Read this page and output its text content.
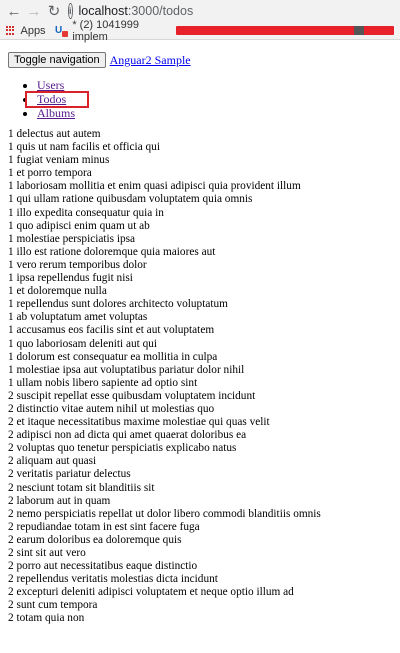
← → ↻ i localhost :3000/todos
Apps U * (2) 1041999 implem
Toggle navigation Anguar2 Sample
• Users
•
Todos
• Albums
1 delectus aut autem
1 quis ut nam facilis et officia qui
1 fugiat veniam minus
1 et porro tempora
1 laboriosam mollitia et enim quasi adipisci quia provident illum
1 qui ullam ratione quibusdam voluptatem quia omnis
1 illo expedita consequatur quia in
1 quo adipisci enim quam ut ab
1 molestiae perspiciatis ipsa
1 illo est ratione doloremque quia maiores aut
1 vero rerum temporibus dolor
1 ipsa repellendus fugit nisi
1 et doloremque nulla
1 repellendus sunt dolores architecto voluptatum
1 ab voluptatum amet voluptas
1 accusamus eos facilis sint et aut voluptatem
1 quo laboriosam deleniti aut qui
1 dolorum est consequatur ea mollitia in culpa
1 molestiae ipsa aut voluptatibus pariatur dolor nihil
1 ullam nobis libero sapiente ad optio sint
2 suscipit repellat esse quibusdam voluptatem incidunt
2 distinctio vitae autem nihil ut molestias quo
2 et itaque necessitatibus maxime molestiae qui quas velit
2 adipisci non ad dicta qui amet quaerat doloribus ea
2 voluptas quo tenetur perspiciatis explicabo natus
2 aliquam aut quasi
2 veritatis pariatur delectus
2 nesciunt totam sit blanditiis sit
2 laborum aut in quam
2 nemo perspiciatis repellat ut dolor libero commodi blanditiis omnis
2 repudiandae totam in est sint facere fuga
2 earum doloribus ea doloremque quis
2 sint sit aut vero
2 porro aut necessitatibus eaque distinctio
2 repellendus veritatis molestias dicta incidunt
2 excepturi deleniti adipisci voluptatem et neque optio illum ad
2 sunt cum tempora
2 totam quia non
